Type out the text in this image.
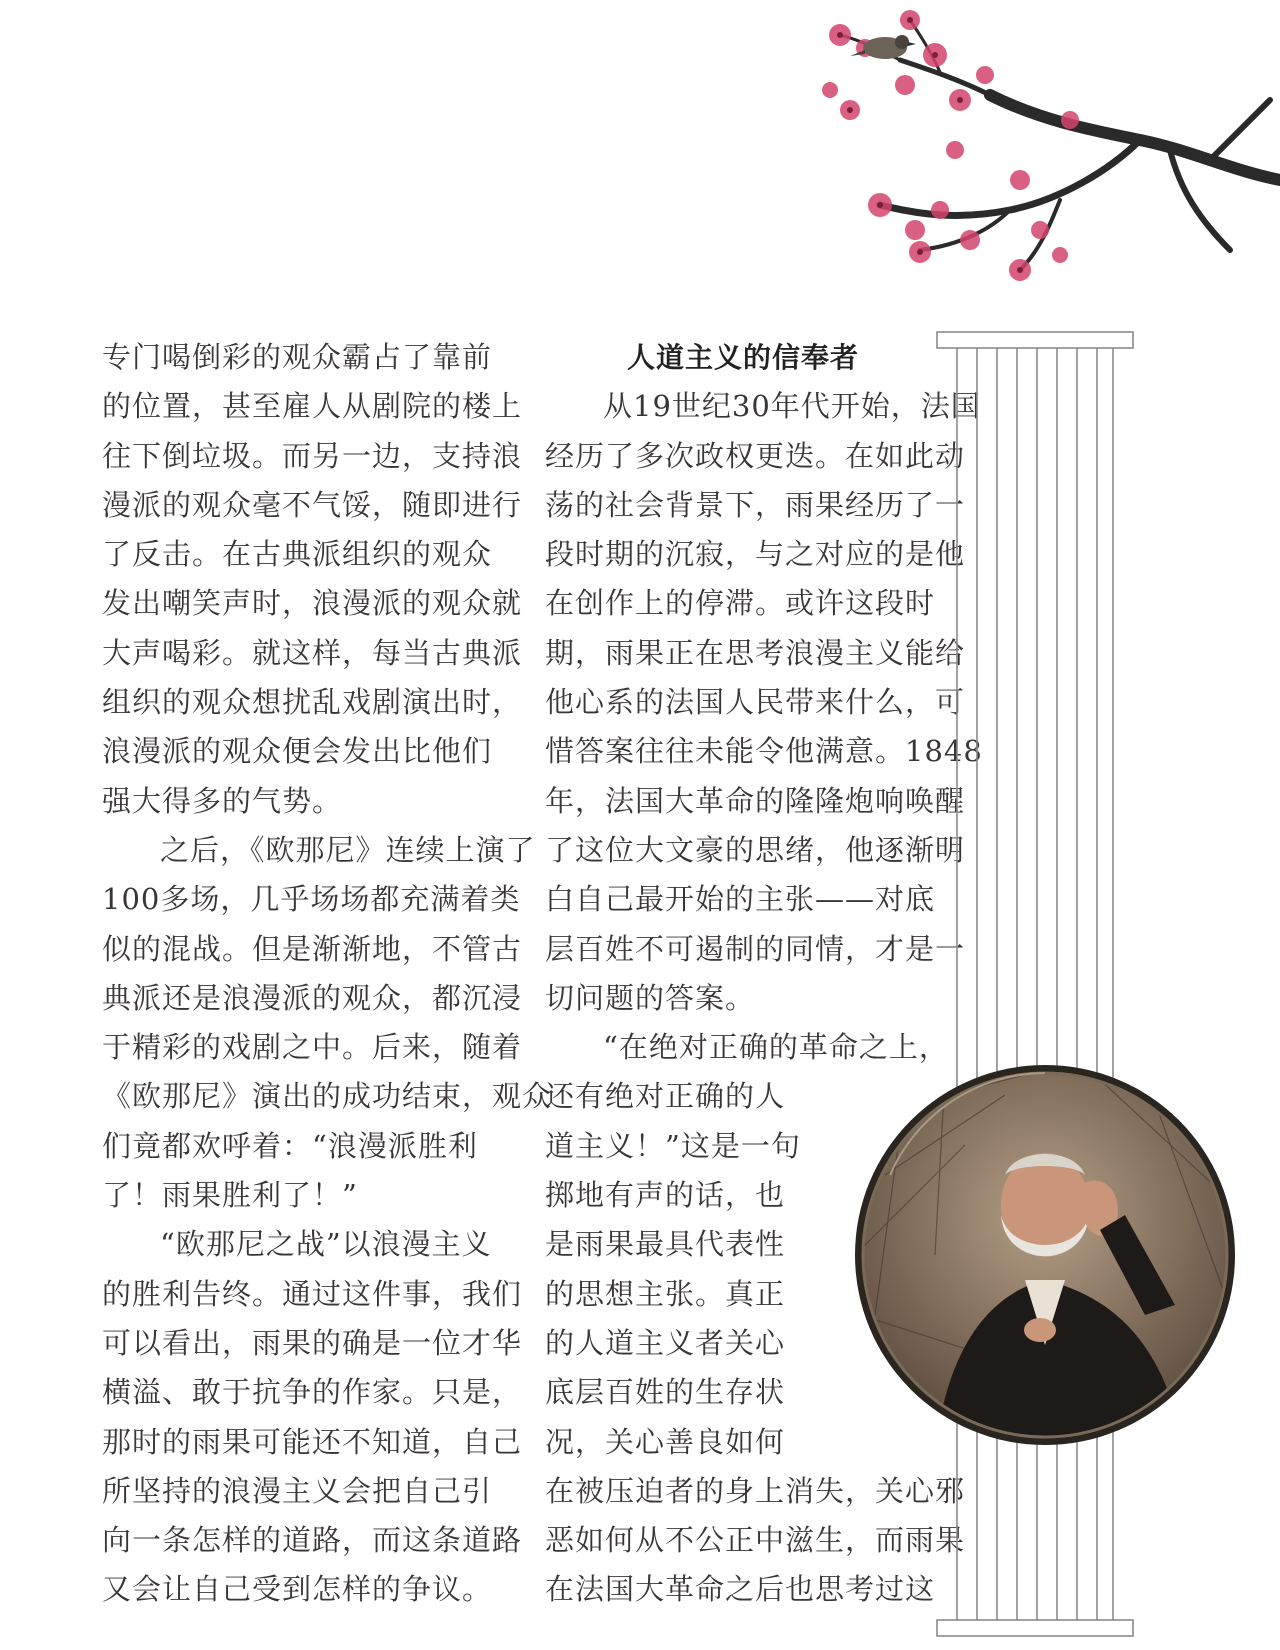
专门喝倒彩的观众霸占了靠前
的位置，甚至雇人从剧院的楼上
往下倒垃圾。而另一边，支持浪
漫派的观众毫不气馁，随即进行
了反击。在古典派组织的观众
发出嘲笑声时，浪漫派的观众就
大声喝彩。就这样，每当古典派
组织的观众想扰乱戏剧演出时，
浪漫派的观众便会发出比他们
强大得多的气势。
之后，《欧那尼》连续上演了
100多场，几乎场场都充满着类
似的混战。但是渐渐地，不管古
典派还是浪漫派的观众，都沉浸
于精彩的戏剧之中。后来，随着
《欧那尼》演出的成功结束，观众
们竟都欢呼着：“浪漫派胜利
了！雨果胜利了！”
“欧那尼之战”以浪漫主义
的胜利告终。通过这件事，我们
可以看出，雨果的确是一位才华
横溢、敢于抗争的作家。只是，
那时的雨果可能还不知道，自己
所坚持的浪漫主义会把自己引
向一条怎样的道路，而这条道路
又会让自己受到怎样的争议。
人道主义的信奉者
从19世纪30年代开始，法国
经历了多次政权更迭。在如此动
荡的社会背景下，雨果经历了一
段时期的沉寂，与之对应的是他
在创作上的停滞。或许这段时
期，雨果正在思考浪漫主义能给
他心系的法国人民带来什么，可
惜答案往往未能令他满意。1848
年，法国大革命的隆隆炮响唤醒
了这位大文豪的思绪，他逐渐明
白自己最开始的主张——对底
层百姓不可遏制的同情，才是一
切问题的答案。
“在绝对正确的革命之上，
还有绝对正确的人
道主义！”这是一句
掷地有声的话，也
是雨果最具代表性
的思想主张。真正
的人道主义者关心
底层百姓的生存状
况，关心善良如何
在被压迫者的身上消失，关心邪
恶如何从不公正中滋生，而雨果
在法国大革命之后也思考过这
